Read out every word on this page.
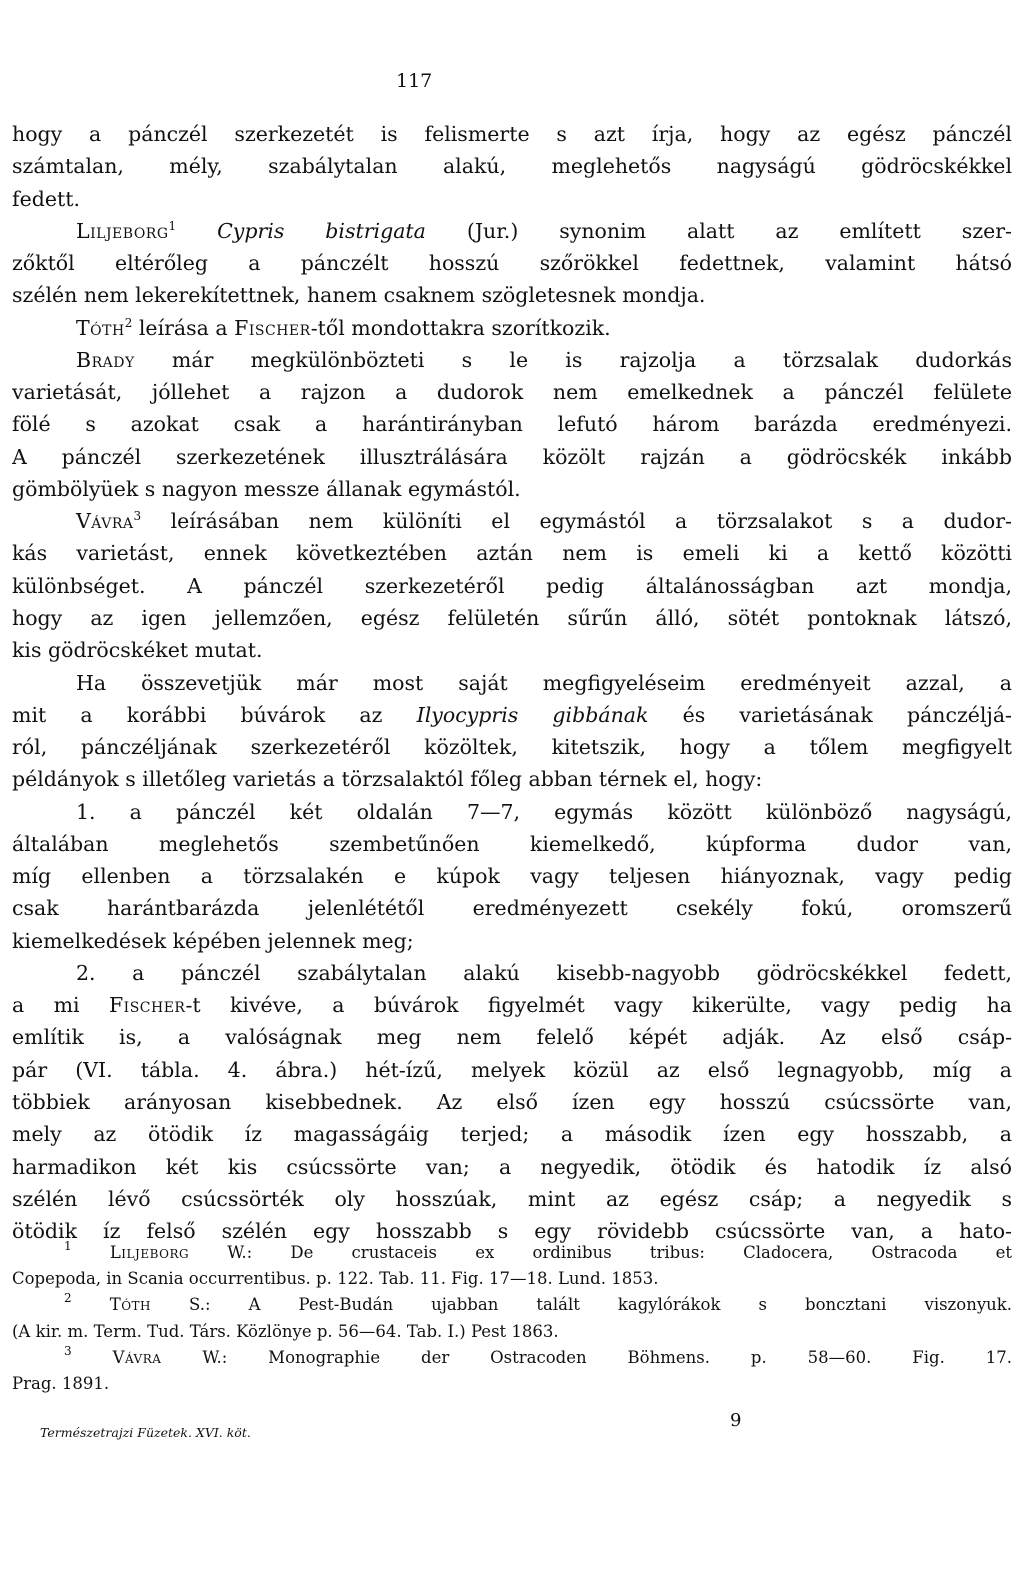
117
hogy a pánczél szerkezetét is felismerte s azt írja, hogy az egész pánczél
számtalan, mély, szabálytalan alakú, meglehetős nagyságú gödröcskékkel
fedett.
Liljeborg$^1$ Cypris bistrigata (Jur.) synonim alatt az említett szer-
zőktől eltérőleg a pánczélt hosszú szőrökkel fedettnek, valamint hátsó
szélén nem lekerekítettnek, hanem csaknem szögletesnek mondja.
Tóth$^2$ leírása a Fischer-től mondottakra szorítkozik.
Brady már megkülönbözteti s le is rajzolja a törzsalak dudorkás
varietását, jóllehet a rajzon a dudorok nem emelkednek a pánczél felülete
fölé s azokat csak a harántirányban lefutó három barázda eredményezi.
A pánczél szerkezetének illusztrálására közölt rajzán a gödröcskék inkább
gömbölyüek s nagyon messze állanak egymástól.
Vávra$^3$ leírásában nem különíti el egymástól a törzsalakot s a dudor-
kás varietást, ennek következtében aztán nem is emeli ki a kettő közötti
különbséget. A pánczél szerkezetéről pedig általánosságban azt mondja,
hogy az igen jellemzően, egész felületén sűrűn álló, sötét pontoknak látszó,
kis gödröcskéket mutat.
Ha összevetjük már most saját megfigyeléseim eredményeit azzal, a
mit a korábbi búvárok az Ilyocypris gibbának és varietásának pánczéljá-
ról, pánczéljának szerkezetéről közöltek, kitetszik, hogy a tőlem megfigyelt
példányok s illetőleg varietás a törzsalaktól főleg abban térnek el, hogy:
1. a pánczél két oldalán 7—7, egymás között különböző nagyságú,
általában meglehetős szembetűnően kiemelkedő, kúpforma dudor van,
míg ellenben a törzsalakén e kúpok vagy teljesen hiányoznak, vagy pedig
csak harántbarázda jelenlététől eredményezett csekély fokú, oromszerű
kiemelkedések képében jelennek meg;
2. a pánczél szabálytalan alakú kisebb-nagyobb gödröcskékkel fedett,
a mi Fischer-t kivéve, a búvárok figyelmét vagy kikerülte, vagy pedig ha
említik is, a valóságnak meg nem felelő képét adják. Az első csáp-
pár (VI. tábla. 4. ábra.) hét-ízű, melyek közül az első legnagyobb, míg a
többiek arányosan kisebbednek. Az első ízen egy hosszú csúcssörte van,
mely az ötödik íz magasságáig terjed; a második ízen egy hosszabb, a
harmadikon két kis csúcssörte van; a negyedik, ötödik és hatodik íz alsó
szélén lévő csúcssörték oly hosszúak, mint az egész csáp; a negyedik s
ötödik íz felső szélén egy hosszabb s egy rövidebb csúcssörte van, a hato-
$^1$ Liljeborg W.: De crustaceis ex ordinibus tribus: Cladocera, Ostracoda et
Copepoda, in Scania occurrentibus. p. 122. Tab. 11. Fig. 17—18. Lund. 1853.
$^2$ Tóth S.: A Pest-Budán ujabban talált kagylórákok s boncztani viszonyuk.
(A kir. m. Term. Tud. Társ. Közlönye p. 56—64. Tab. I.) Pest 1863.
$^3$ Vávra W.: Monographie der Ostracoden Böhmens. p. 58—60. Fig. 17.
Prag. 1891.
Természetrajzi Füzetek. XVI. köt.
9
